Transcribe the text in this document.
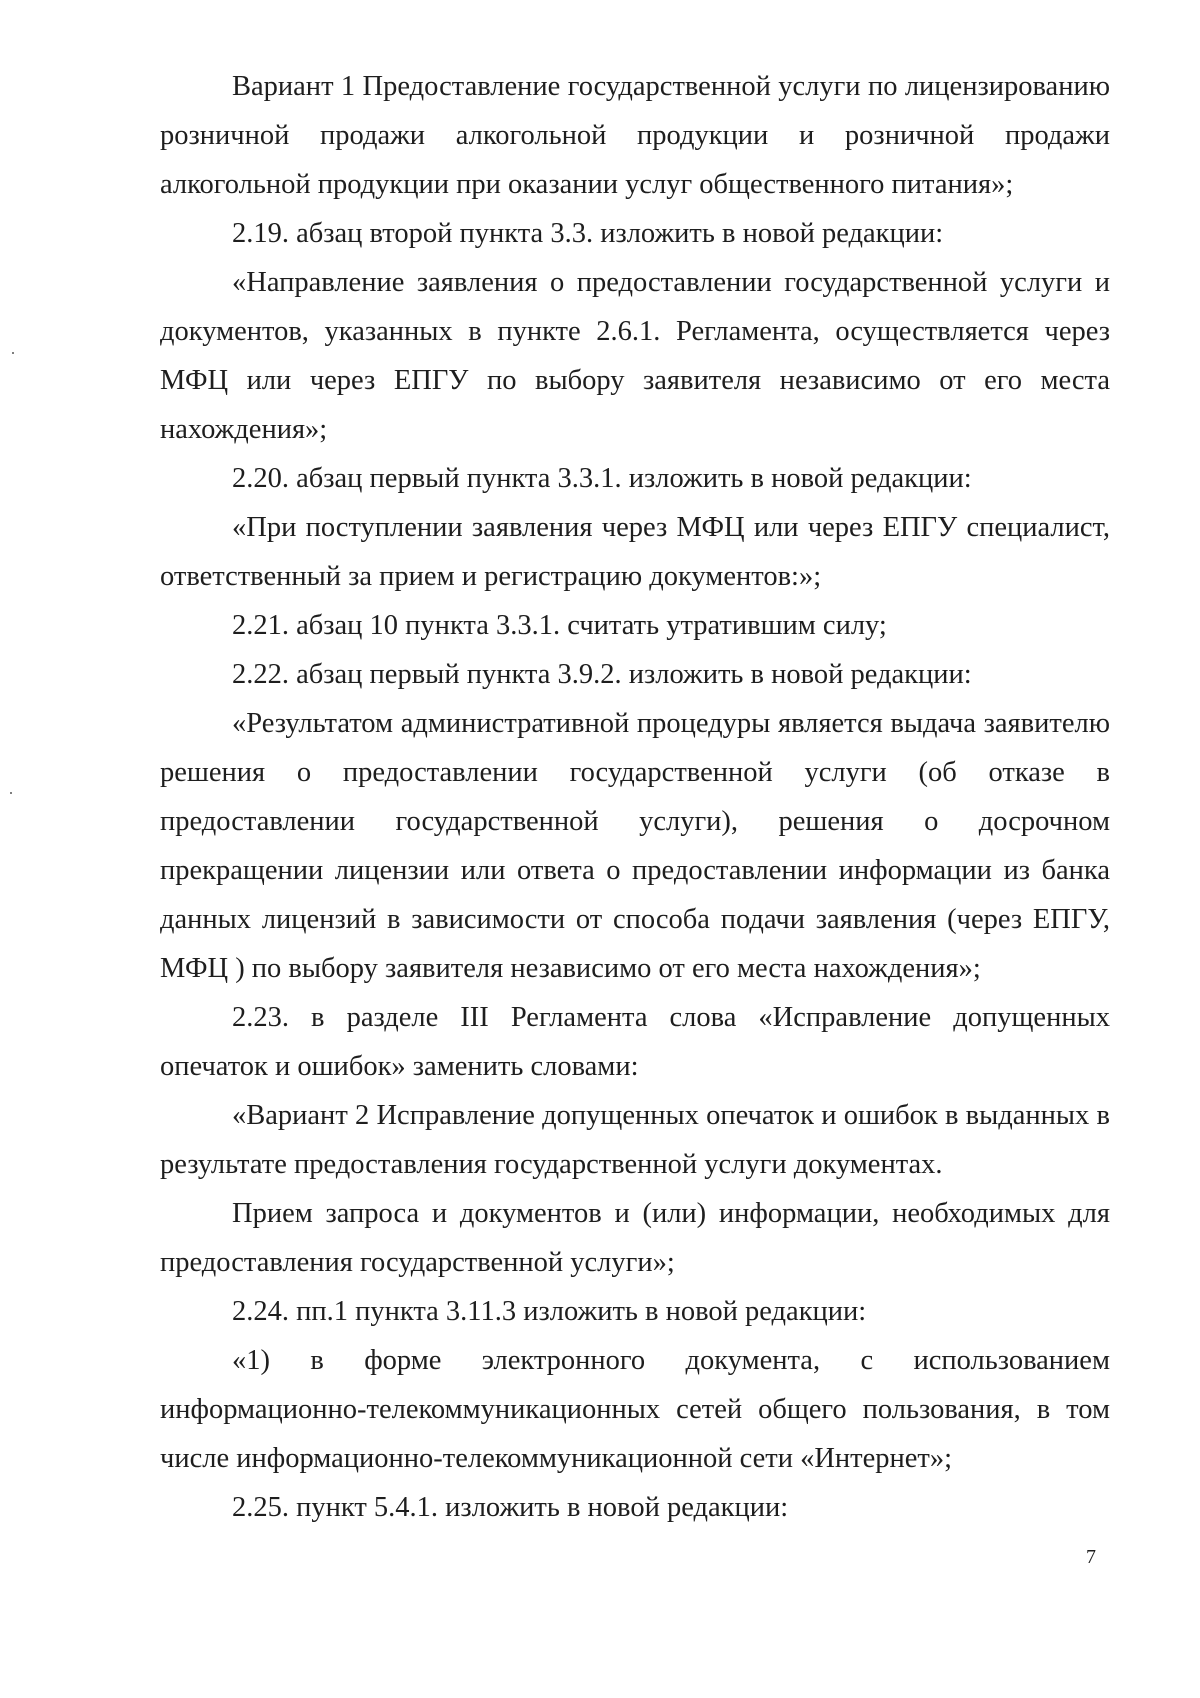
Вариант 1 Предоставление государственной услуги по лицензированию розничной продажи алкогольной продукции и розничной продажи алкогольной продукции при оказании услуг общественного питания»;

2.19. абзац второй пункта 3.3. изложить в новой редакции:

«Направление заявления о предоставлении государственной услуги и документов, указанных в пункте 2.6.1. Регламента, осуществляется через МФЦ или через ЕПГУ по выбору заявителя независимо от его места нахождения»;

2.20. абзац первый пункта 3.3.1. изложить в новой редакции:

«При поступлении заявления через МФЦ или через ЕПГУ специалист, ответственный за прием и регистрацию документов:»;

2.21. абзац 10 пункта 3.3.1. считать утратившим силу;

2.22. абзац первый пункта 3.9.2. изложить в новой редакции:

«Результатом административной процедуры является выдача заявителю решения о предоставлении государственной услуги (об отказе в предоставлении государственной услуги), решения о досрочном прекращении лицензии или ответа о предоставлении информации из банка данных лицензий в зависимости от способа подачи заявления (через ЕПГУ, МФЦ ) по выбору заявителя независимо от его места нахождения»;

2.23. в разделе III Регламента слова «Исправление допущенных опечаток и ошибок» заменить словами:

«Вариант 2 Исправление допущенных опечаток и ошибок в выданных в результате предоставления государственной услуги документах.

Прием запроса и документов и (или) информации, необходимых для предоставления государственной услуги»;

2.24. пп.1 пункта 3.11.3 изложить в новой редакции:

«1) в форме электронного документа, с использованием информационно-телекоммуникационных сетей общего пользования, в том числе информационно-телекоммуникационной сети «Интернет»;

2.25. пункт 5.4.1. изложить в новой редакции:

7
